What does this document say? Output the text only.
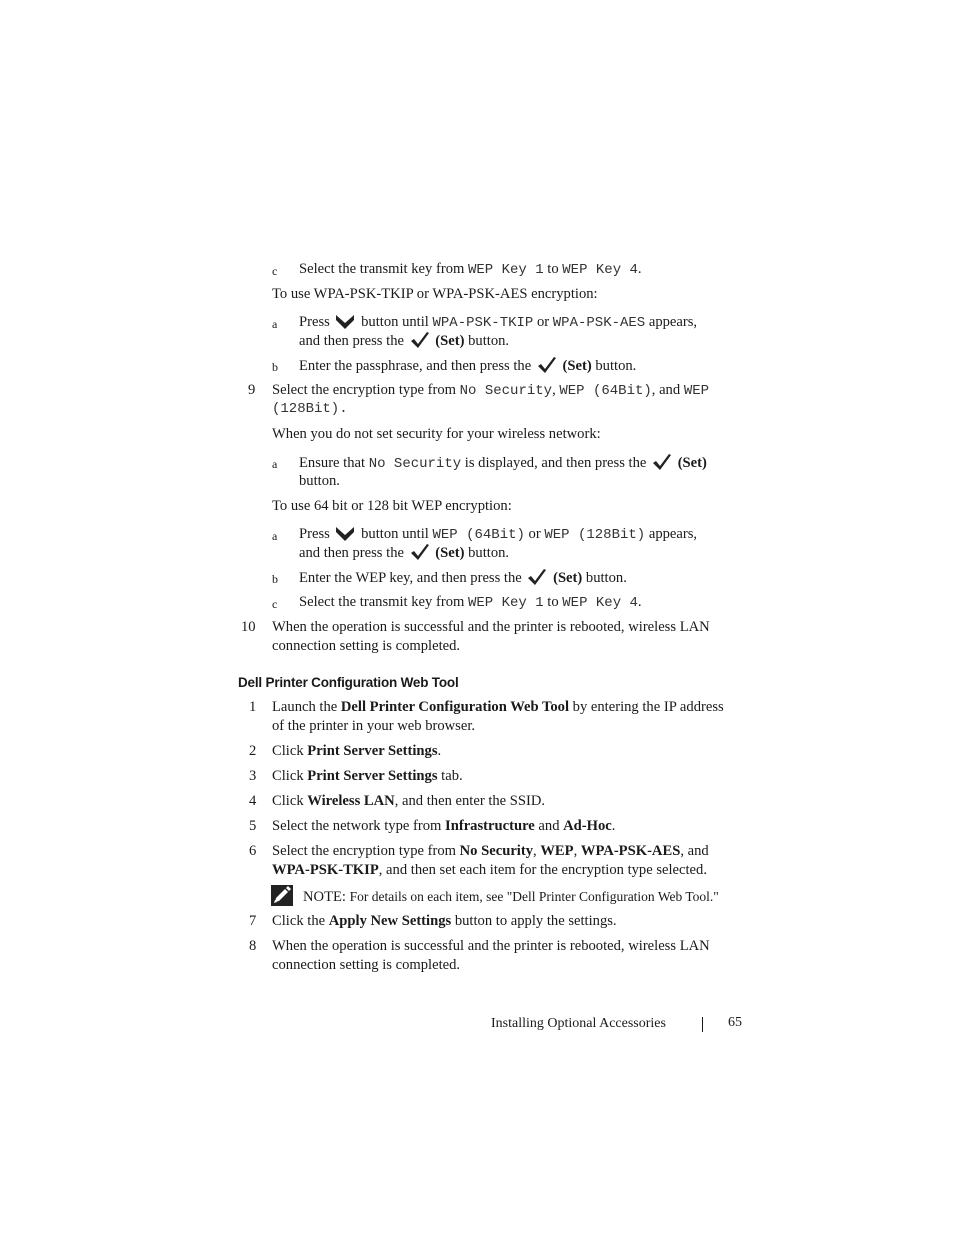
c Select the transmit key from WEP Key 1 to WEP Key 4.
To use WPA-PSK-TKIP or WPA-PSK-AES encryption:
a Press button until WPA-PSK-TKIP or WPA-PSK-AES appears,
and then press the (Set) button.
b Enter the passphrase, and then press the (Set) button.
9 Select the encryption type from No Security, WEP (64Bit), and WEP
(128Bit).
When you do not set security for your wireless network:
a Ensure that No Security is displayed, and then press the (Set)
button.
To use 64 bit or 128 bit WEP encryption:
a Press button until WEP (64Bit) or WEP (128Bit) appears,
and then press the (Set) button.
b Enter the WEP key, and then press the (Set) button.
c Select the transmit key from WEP Key 1 to WEP Key 4.
10 When the operation is successful and the printer is rebooted, wireless LAN
connection setting is completed.
Dell Printer Configuration Web Tool
1 Launch the Dell Printer Configuration Web Tool by entering the IP address
of the printer in your web browser.
2 Click Print Server Settings.
3 Click Print Server Settings tab.
4 Click Wireless LAN, and then enter the SSID.
5 Select the network type from Infrastructure and Ad-Hoc.
6 Select the encryption type from No Security, WEP, WPA-PSK-AES, and
WPA-PSK-TKIP, and then set each item for the encryption type selected.
NOTE: For details on each item, see "Dell Printer Configuration Web Tool."
7 Click the Apply New Settings button to apply the settings.
8 When the operation is successful and the printer is rebooted, wireless LAN
connection setting is completed.
Installing Optional Accessories	65
